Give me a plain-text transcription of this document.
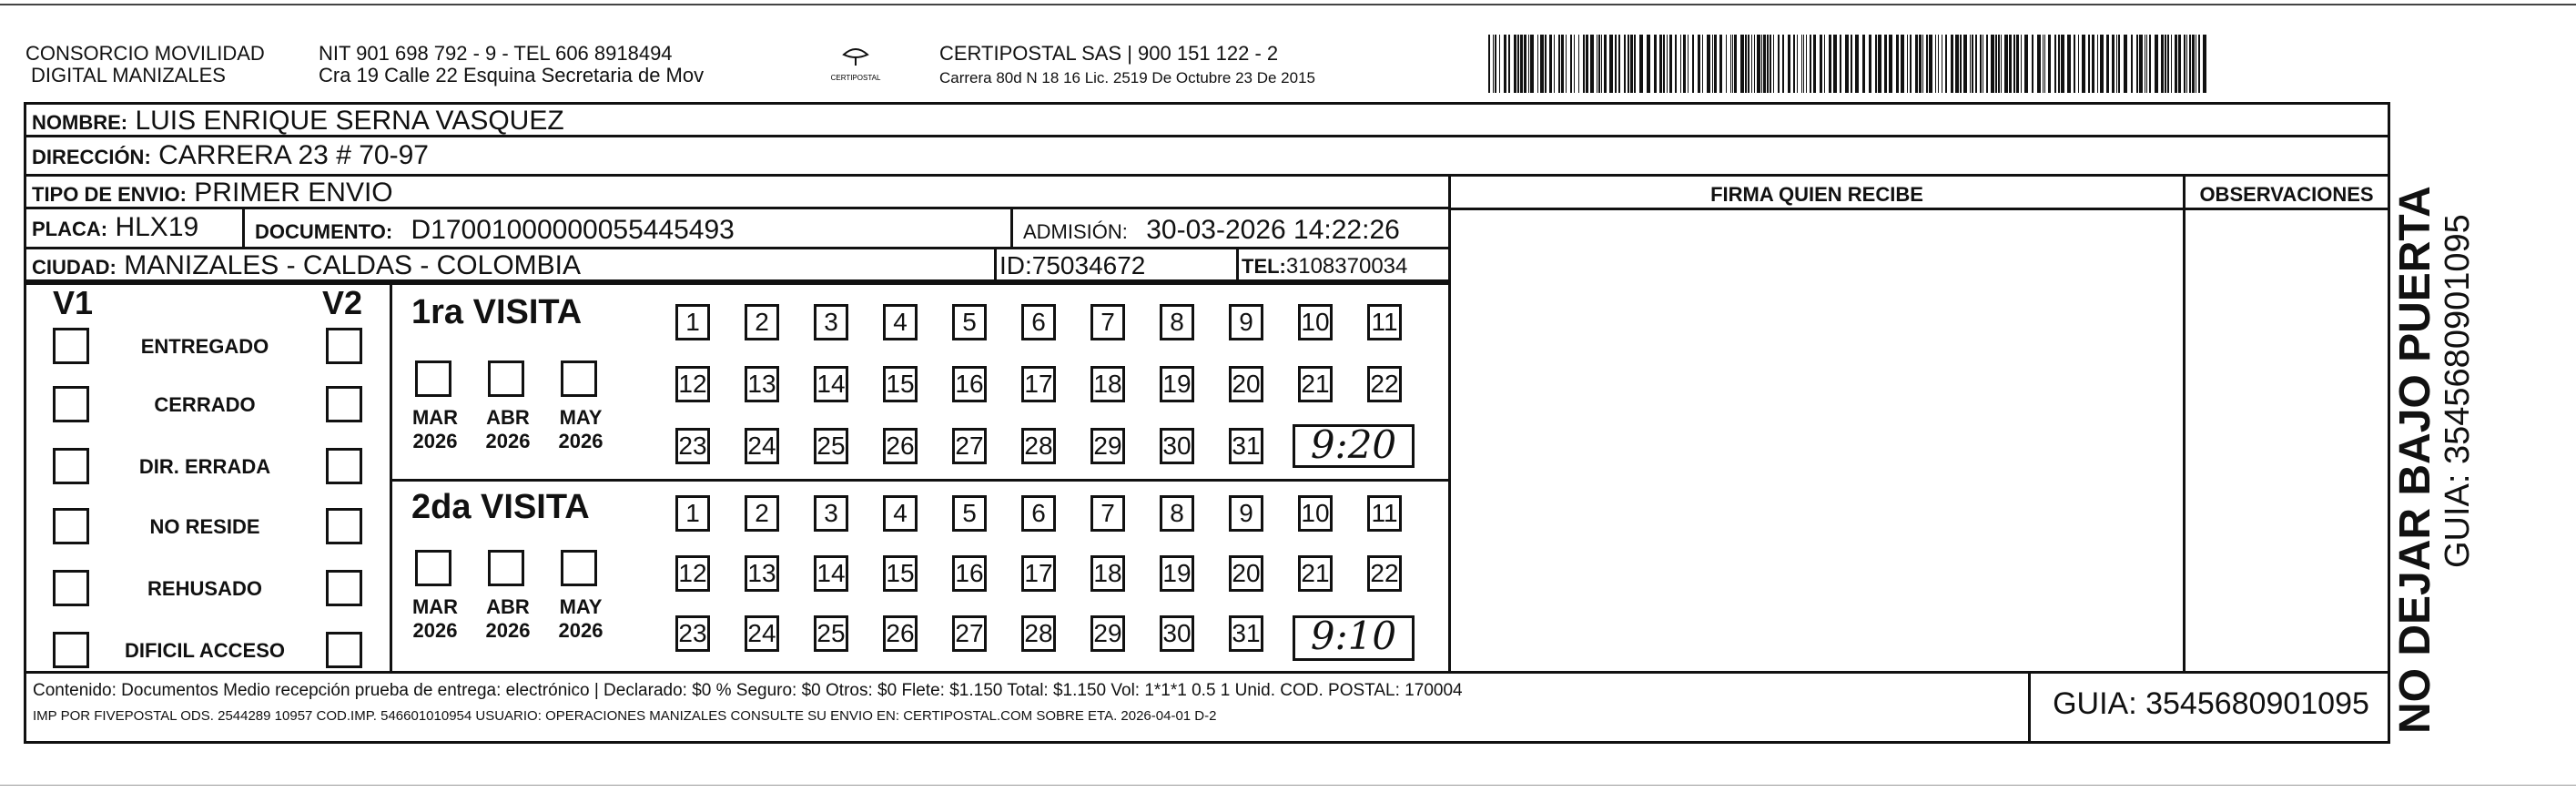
CONSORCIO MOVILIDAD
DIGITAL MANIZALES
NIT 901 698 792 - 9 - TEL 606 8918494
Cra 19 Calle 22 Esquina Secretaria de Mov	CERTIPOSTAL
CERTIPOSTAL SAS | 900 151 122 - 2
Carrera 80d N 18 16 Lic. 2519 De Octubre 23 De 2015
NOMBRE: LUIS ENRIQUE SERNA VASQUEZ
DIRECCIÓN: CARRERA 23 # 70-97
TIPO DE ENVIO: PRIMER ENVIO
PLACA: HLX19	DOCUMENTO: D17001000000055445493	ADMISIÓN: 30-03-2026 14:22:26
CIUDAD: MANIZALES - CALDAS - COLOMBIA	ID:75034672	TEL:3108370034
FIRMA QUIEN RECIBE	OBSERVACIONES
V1	V2 1ra VISITA
9:20
2da VISITA
9:10
Contenido: Documentos Medio recepción prueba de entrega: electrónico | Declarado: $0 % Seguro: $0 Otros: $0 Flete: $1.150 Total: $1.150 Vol: 1*1*1 0.5 1 Unid. COD. POSTAL: 170004
IMP POR FIVEPOSTAL ODS. 2544289 10957 COD.IMP. 546601010954 USUARIO: OPERACIONES MANIZALES CONSULTE SU ENVIO EN: CERTIPOSTAL.COM SOBRE ETA. 2026-04-01 D-2	GUIA: 3545680901095 NO DEJAR BAJO PUERTA GUIA: 3545680901095
ENTREGADO
CERRADO
DIR. ERRADA
NO RESIDE
REHUSADO
DIFICIL ACCESO
MAR
2026
ABR
2026
MAY
2026
MAR
2026
ABR
2026
MAY
2026
1	2	3	4	5	6	7	8	9	10 11
12 13 14 15 16 17 18 19 20 21 22
23 24 25 26 27 28 29 30 31
1	2	3	4	5	6	7	8	9	10 11
12 13 14 15 16 17 18 19 20 21 22
23 24 25 26 27 28 29 30 31
